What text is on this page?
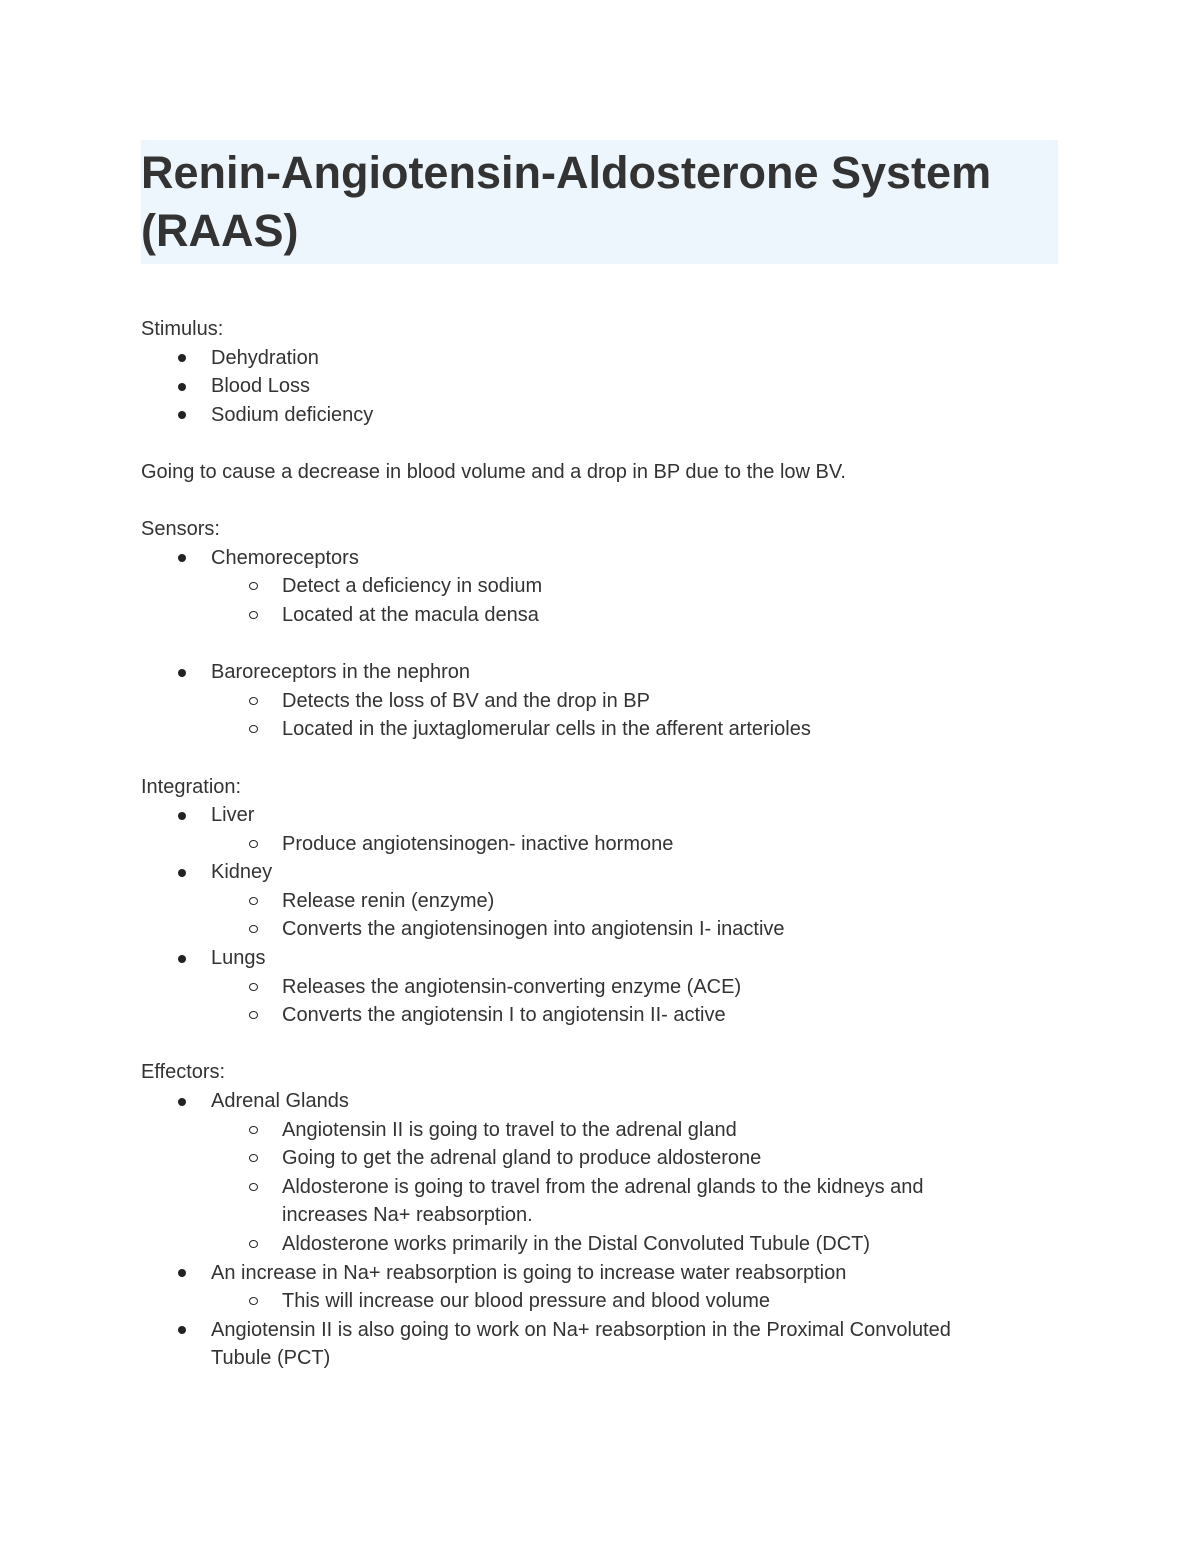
Renin-Angiotensin-Aldosterone System
(RAAS)

Stimulus:

Dehydration
Blood Loss
Sodium deficiency

Going to cause a decrease in blood volume and a drop in BP due to the low BV.

Sensors:

Chemoreceptors
Detect a deficiency in sodium
Located at the macula densa
Baroreceptors in the nephron
Detects the loss of BV and the drop in BP
Located in the juxtaglomerular cells in the afferent arterioles

Integration:

Liver
Produce angiotensinogen- inactive hormone
Kidney
Release renin (enzyme)
Converts the angiotensinogen into angiotensin I- inactive
Lungs
Releases the angiotensin-converting enzyme (ACE)
Converts the angiotensin I to angiotensin II- active

Effectors:

Adrenal Glands
Angiotensin II is going to travel to the adrenal gland
Going to get the adrenal gland to produce aldosterone
Aldosterone is going to travel from the adrenal glands to the kidneys and
increases Na+ reabsorption.
Aldosterone works primarily in the Distal Convoluted Tubule (DCT)
An increase in Na+ reabsorption is going to increase water reabsorption
This will increase our blood pressure and blood volume
Angiotensin II is also going to work on Na+ reabsorption in the Proximal Convoluted
Tubule (PCT)
